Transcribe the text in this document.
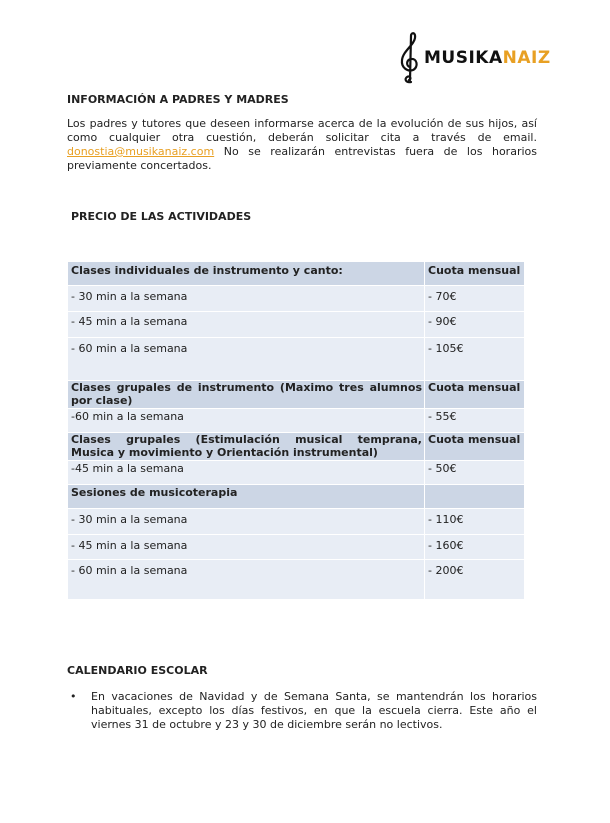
MUSIKANAIZ
INFORMACIÓN A PADRES Y MADRES
Los padres y tutores que deseen informarse acerca de la evolución de sus hijos, así como cualquier otra cuestión, deberán solicitar cita a través de email. donostia@musikanaiz.com No se realizarán entrevistas fuera de los horarios previamente concertados.
PRECIO DE LAS ACTIVIDADES
Clases individuales de instrumento y canto:	Cuota mensual
- 30 min a la semana	- 70€
- 45 min a la semana	- 90€
- 60 min a la semana	- 105€
Clases grupales de instrumento (Maximo tres alumnos por clase)	Cuota mensual
-60 min a la semana	- 55€
Clases grupales (Estimulación musical temprana, Musica y movimiento y Orientación instrumental)	Cuota mensual
-45 min a la semana	- 50€
Sesiones de musicoterapia	
- 30 min a la semana	- 110€
- 45 min a la semana	- 160€
- 60 min a la semana	- 200€
CALENDARIO ESCOLAR
• En vacaciones de Navidad y de Semana Santa, se mantendrán los horarios habituales, excepto los días festivos, en que la escuela cierra. Este año el viernes 31 de octubre y 23 y 30 de diciembre serán no lectivos.
